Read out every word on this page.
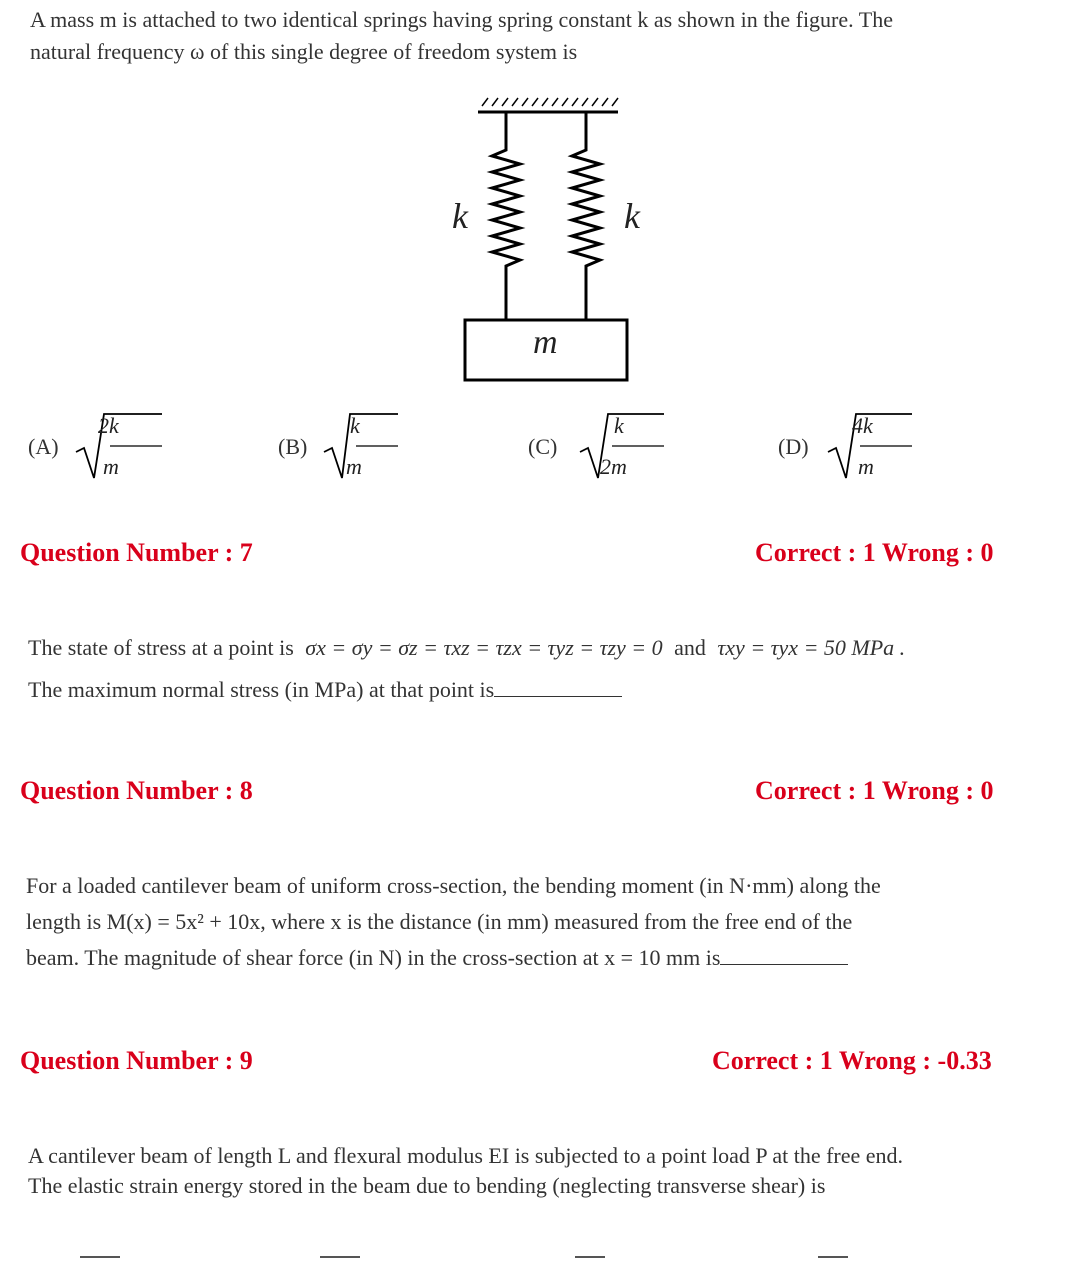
A mass m is attached to two identical springs having spring constant k as shown in the figure. The
natural frequency ω of this single degree of freedom system is
k	k
m
(A)
2k
m
(B)
k
m
(C)
k
2m
(D)
4k
m
Question Number : 7	Correct : 1 Wrong : 0
The state of stress at a point is σx = σy = σz = τxz = τzx = τyz = τzy = 0 and τxy = τyx = 50 MPa .
The maximum normal stress (in MPa) at that point is
Question Number : 8	Correct : 1 Wrong : 0
For a loaded cantilever beam of uniform cross-section, the bending moment (in N·mm) along the
length is M(x) = 5x² + 10x, where x is the distance (in mm) measured from the free end of the
beam. The magnitude of shear force (in N) in the cross-section at x = 10 mm is
Question Number : 9	Correct : 1 Wrong : -0.33
A cantilever beam of length L and flexural modulus EI is subjected to a point load P at the free end.
The elastic strain energy stored in the beam due to bending (neglecting transverse shear) is
